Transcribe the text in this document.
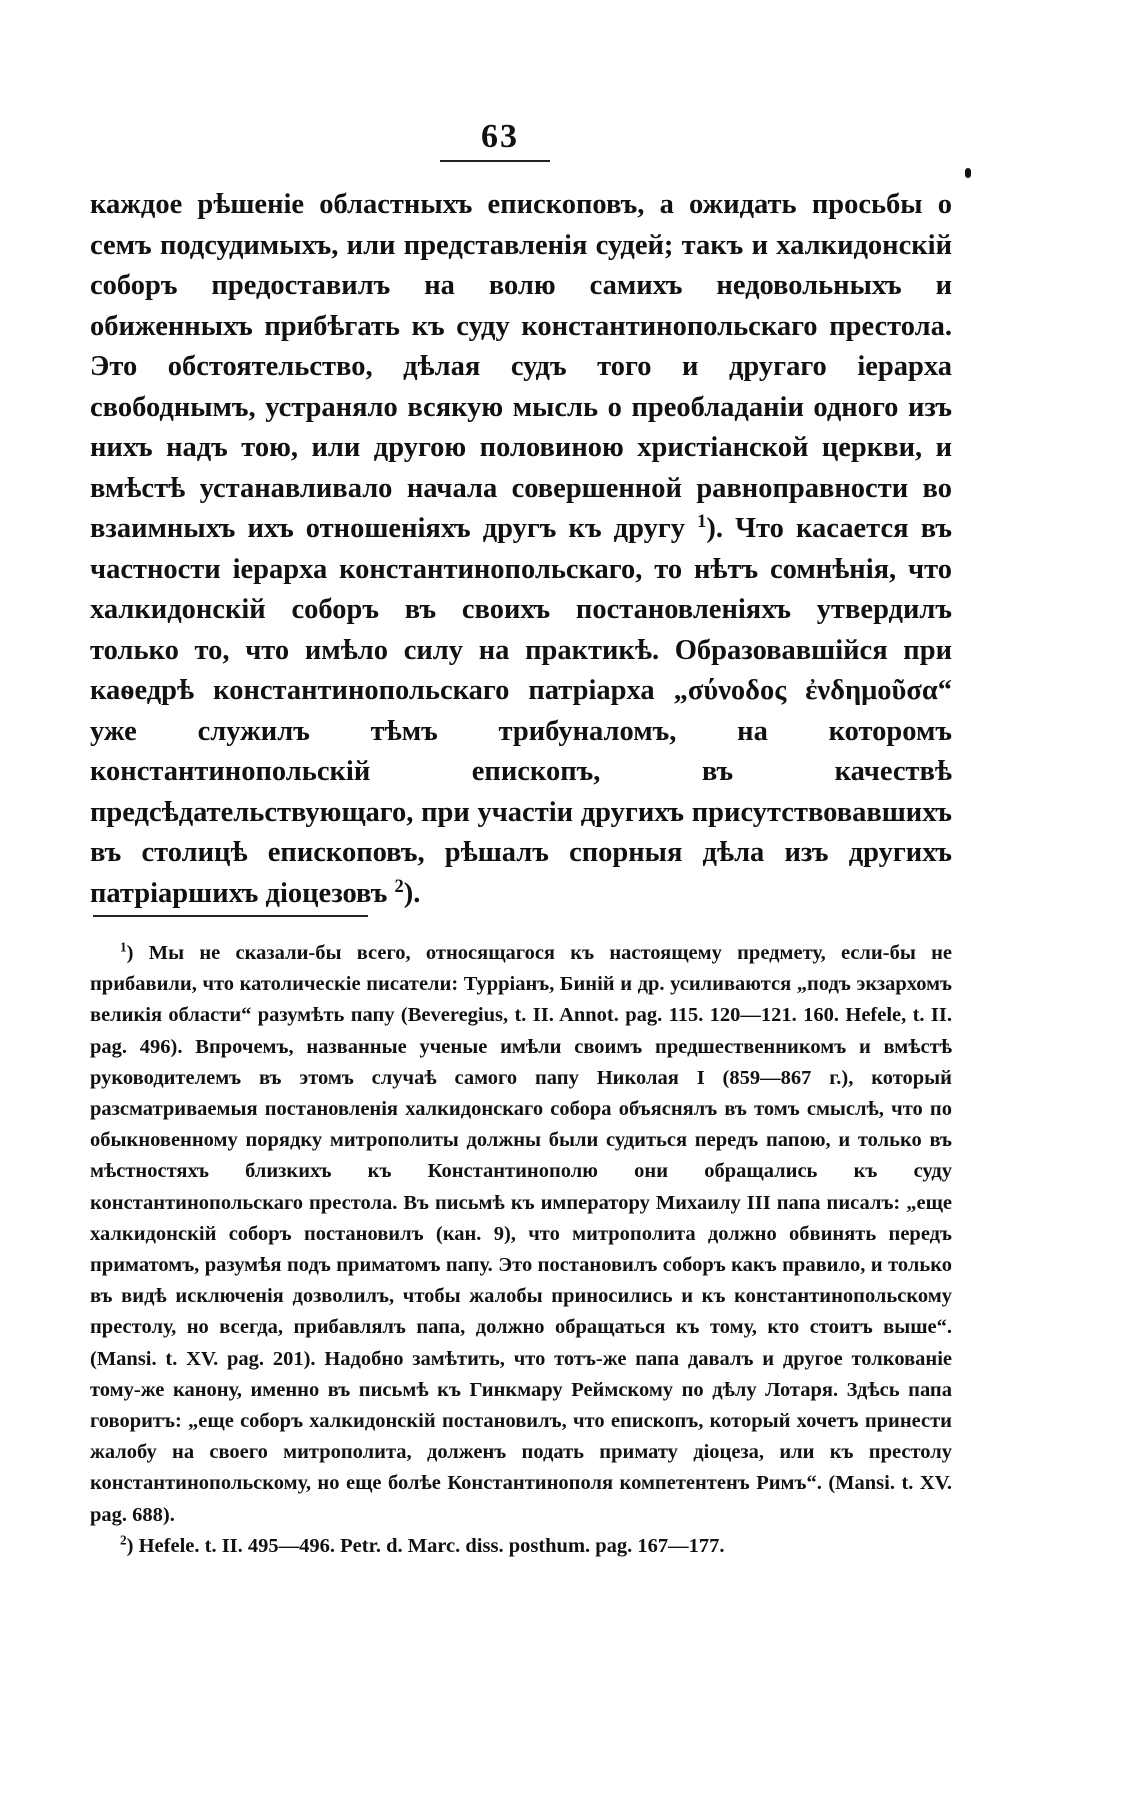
63

каждое рѣшеніе областныхъ епископовъ, а ожидать просьбы о семъ подсудимыхъ, или представленія судей; такъ и халкидонскій соборъ предоставилъ на волю самихъ недовольныхъ и обиженныхъ прибѣгать къ суду константинопольскаго престола. Это обстоятельство, дѣлая судъ того и другаго іерарха свободнымъ, устраняло всякую мысль о преобладаніи одного изъ нихъ надъ тою, или другою половиною христіанской церкви, и вмѣстѣ устанавливало начала совершенной равноправности во взаимныхъ ихъ отношеніяхъ другъ къ другу $^1$). Что касается въ частности іерарха константинопольскаго, то нѣтъ сомнѣнія, что халкидонскій соборъ въ своихъ постановленіяхъ утвердилъ только то, что имѣло силу на практикѣ. Образовавшійся при каѳедрѣ константинопольскаго патріарха „σύνοδος ἐνδημοῦσα“ уже служилъ тѣмъ трибуналомъ, на которомъ константинопольскій епископъ, въ качествѣ предсѣдательствующаго, при участіи другихъ присутствовавшихъ въ столицѣ епископовъ, рѣшалъ спорныя дѣла изъ другихъ патріаршихъ діоцезовъ $^2$).

$^1$) Мы не сказали-бы всего, относящагося къ настоящему предмету, если-бы не прибавили, что католическіе писатели: Турріанъ, Биній и др. усиливаются „подъ экзархомъ великія области“ разумѣть папу (Beveregius, t. II. Annot. pag. 115. 120—121. 160. Hefele, t. II. pag. 496). Впрочемъ, названные ученые имѣли своимъ предшественникомъ и вмѣстѣ руководителемъ въ этомъ случаѣ самого папу Николая I (859—867 г.), который разсматриваемыя постановленія халкидонскаго собора объяснялъ въ томъ смыслѣ, что по обыкновенному порядку митрополиты должны были судиться передъ папою, и только въ мѣстностяхъ близкихъ къ Константинополю они обращались къ суду константинопольскаго престола. Въ письмѣ къ императору Михаилу III папа писалъ: „еще халкидонскій соборъ постановилъ (кан. 9), что митрополита должно обвинять передъ приматомъ, разумѣя подъ приматомъ папу. Это постановилъ соборъ какъ правило, и только въ видѣ исключенія дозволилъ, чтобы жалобы приносились и къ константинопольскому престолу, но всегда, прибавлялъ папа, должно обращаться къ тому, кто стоитъ выше“. (Mansi. t. XV. pag. 201). Надобно замѣтить, что тотъ-же папа давалъ и другое толкованіе тому-же канону, именно въ письмѣ къ Гинкмару Реймскому по дѣлу Лотаря. Здѣсь папа говоритъ: „еще соборъ халкидонскій постановилъ, что епископъ, который хочетъ принести жалобу на своего митрополита, долженъ подать примату діоцеза, или къ престолу константинопольскому, но еще болѣе Константинополя компетентенъ Римъ“. (Mansi. t. XV. pag. 688).

$^2$) Hefele. t. II. 495—496. Petr. d. Marc. diss. posthum. pag. 167—177.
